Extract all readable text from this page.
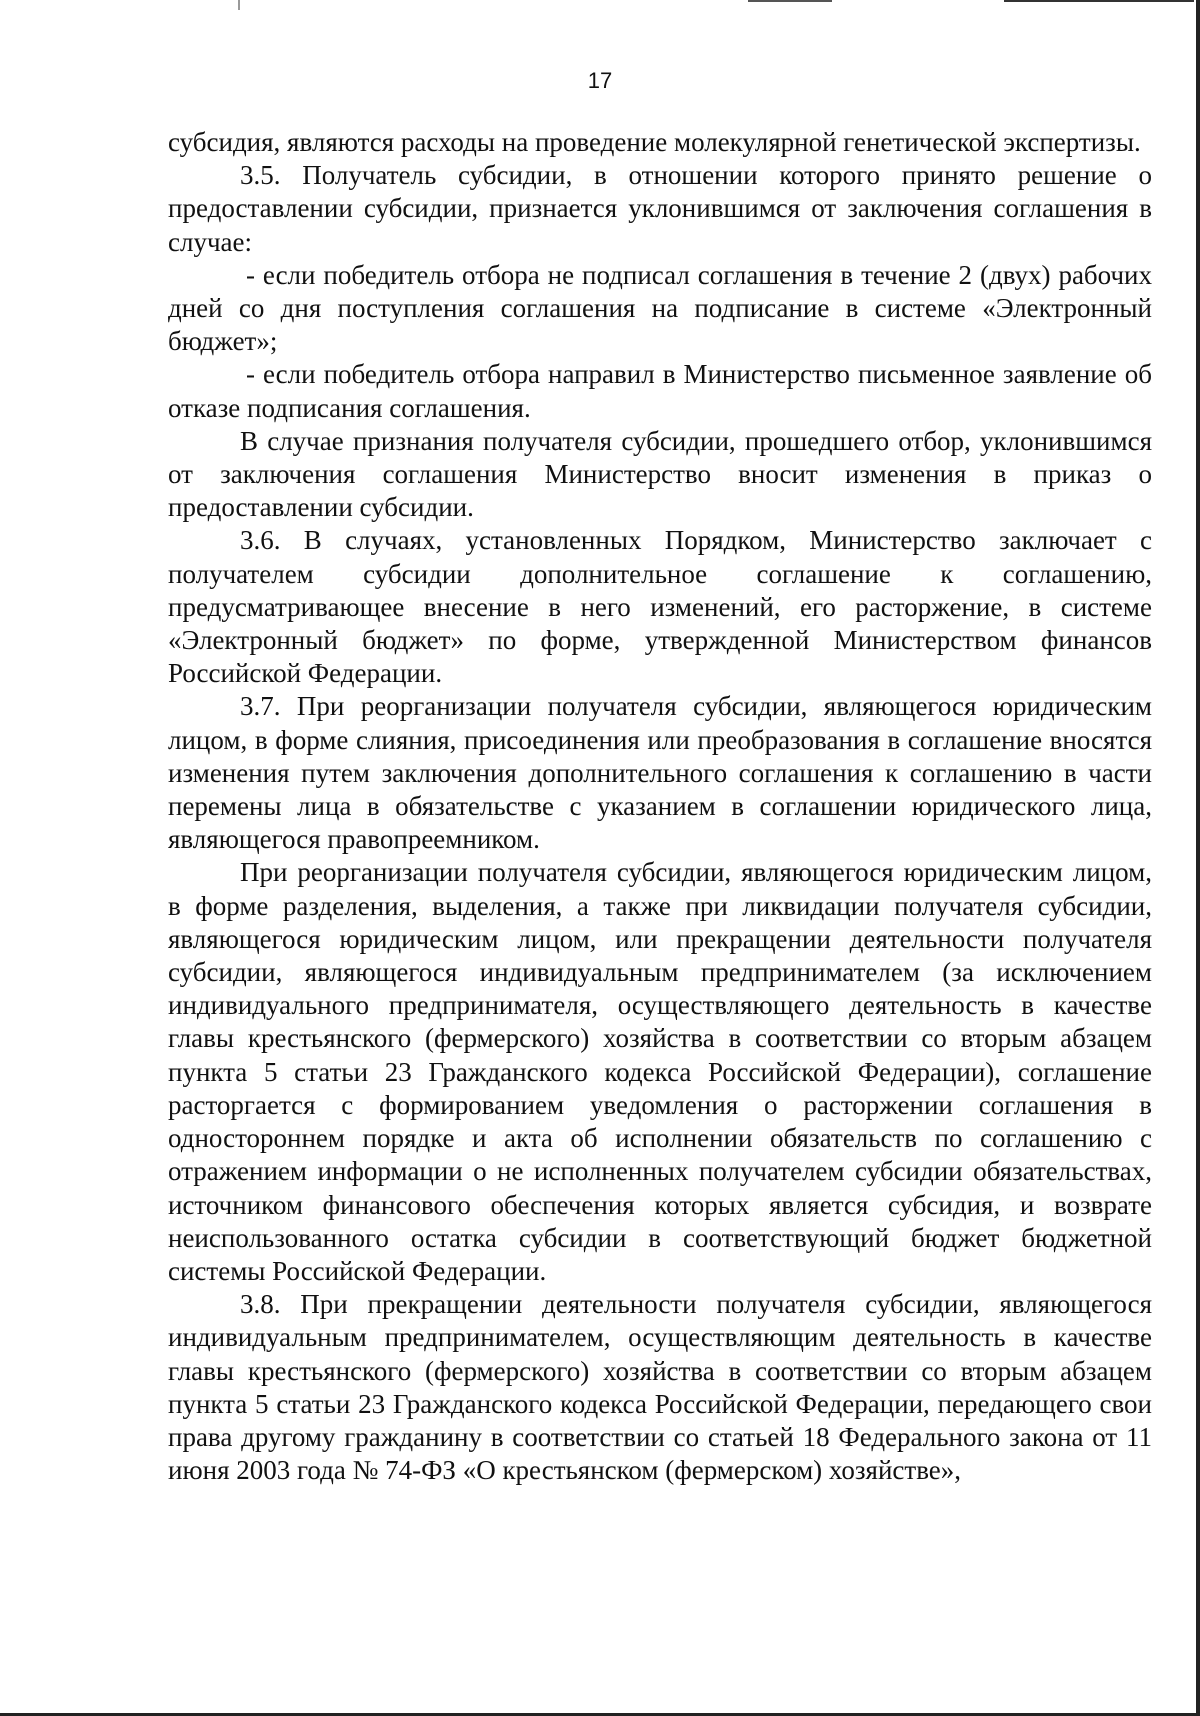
17

субсидия, являются расходы на проведение молекулярной генетической экспертизы.

3.5. Получатель субсидии, в отношении которого принято решение о предоставлении субсидии, признается уклонившимся от заключения соглашения в случае:

- если победитель отбора не подписал соглашения в течение 2 (двух) рабочих дней со дня поступления соглашения на подписание в системе «Электронный бюджет»;

- если победитель отбора направил в Министерство письменное заявление об отказе подписания соглашения.

В случае признания получателя субсидии, прошедшего отбор, уклонившимся от заключения соглашения Министерство вносит изменения в приказ о предоставлении субсидии.

3.6. В случаях, установленных Порядком, Министерство заключает с получателем субсидии дополнительное соглашение к соглашению, предусматривающее внесение в него изменений, его расторжение, в системе «Электронный бюджет» по форме, утвержденной Министерством финансов Российской Федерации.

3.7. При реорганизации получателя субсидии, являющегося юридическим лицом, в форме слияния, присоединения или преобразования в соглашение вносятся изменения путем заключения дополнительного соглашения к соглашению в части перемены лица в обязательстве с указанием в соглашении юридического лица, являющегося правопреемником.

При реорганизации получателя субсидии, являющегося юридическим лицом, в форме разделения, выделения, а также при ликвидации получателя субсидии, являющегося юридическим лицом, или прекращении деятельности получателя субсидии, являющегося индивидуальным предпринимателем (за исключением индивидуального предпринимателя, осуществляющего деятельность в качестве главы крестьянского (фермерского) хозяйства в соответствии со вторым абзацем пункта 5 статьи 23 Гражданского кодекса Российской Федерации), соглашение расторгается с формированием уведомления о расторжении соглашения в одностороннем порядке и акта об исполнении обязательств по соглашению с отражением информации о не исполненных получателем субсидии обязательствах, источником финансового обеспечения которых является субсидия, и возврате неиспользованного остатка субсидии в соответствующий бюджет бюджетной системы Российской Федерации.

3.8. При прекращении деятельности получателя субсидии, являющегося индивидуальным предпринимателем, осуществляющим деятельность в качестве главы крестьянского (фермерского) хозяйства в соответствии со вторым абзацем пункта 5 статьи 23 Гражданского кодекса Российской Федерации, передающего свои права другому гражданину в соответствии со статьей 18 Федерального закона от 11 июня 2003 года № 74-ФЗ «О крестьянском (фермерском) хозяйстве»,
